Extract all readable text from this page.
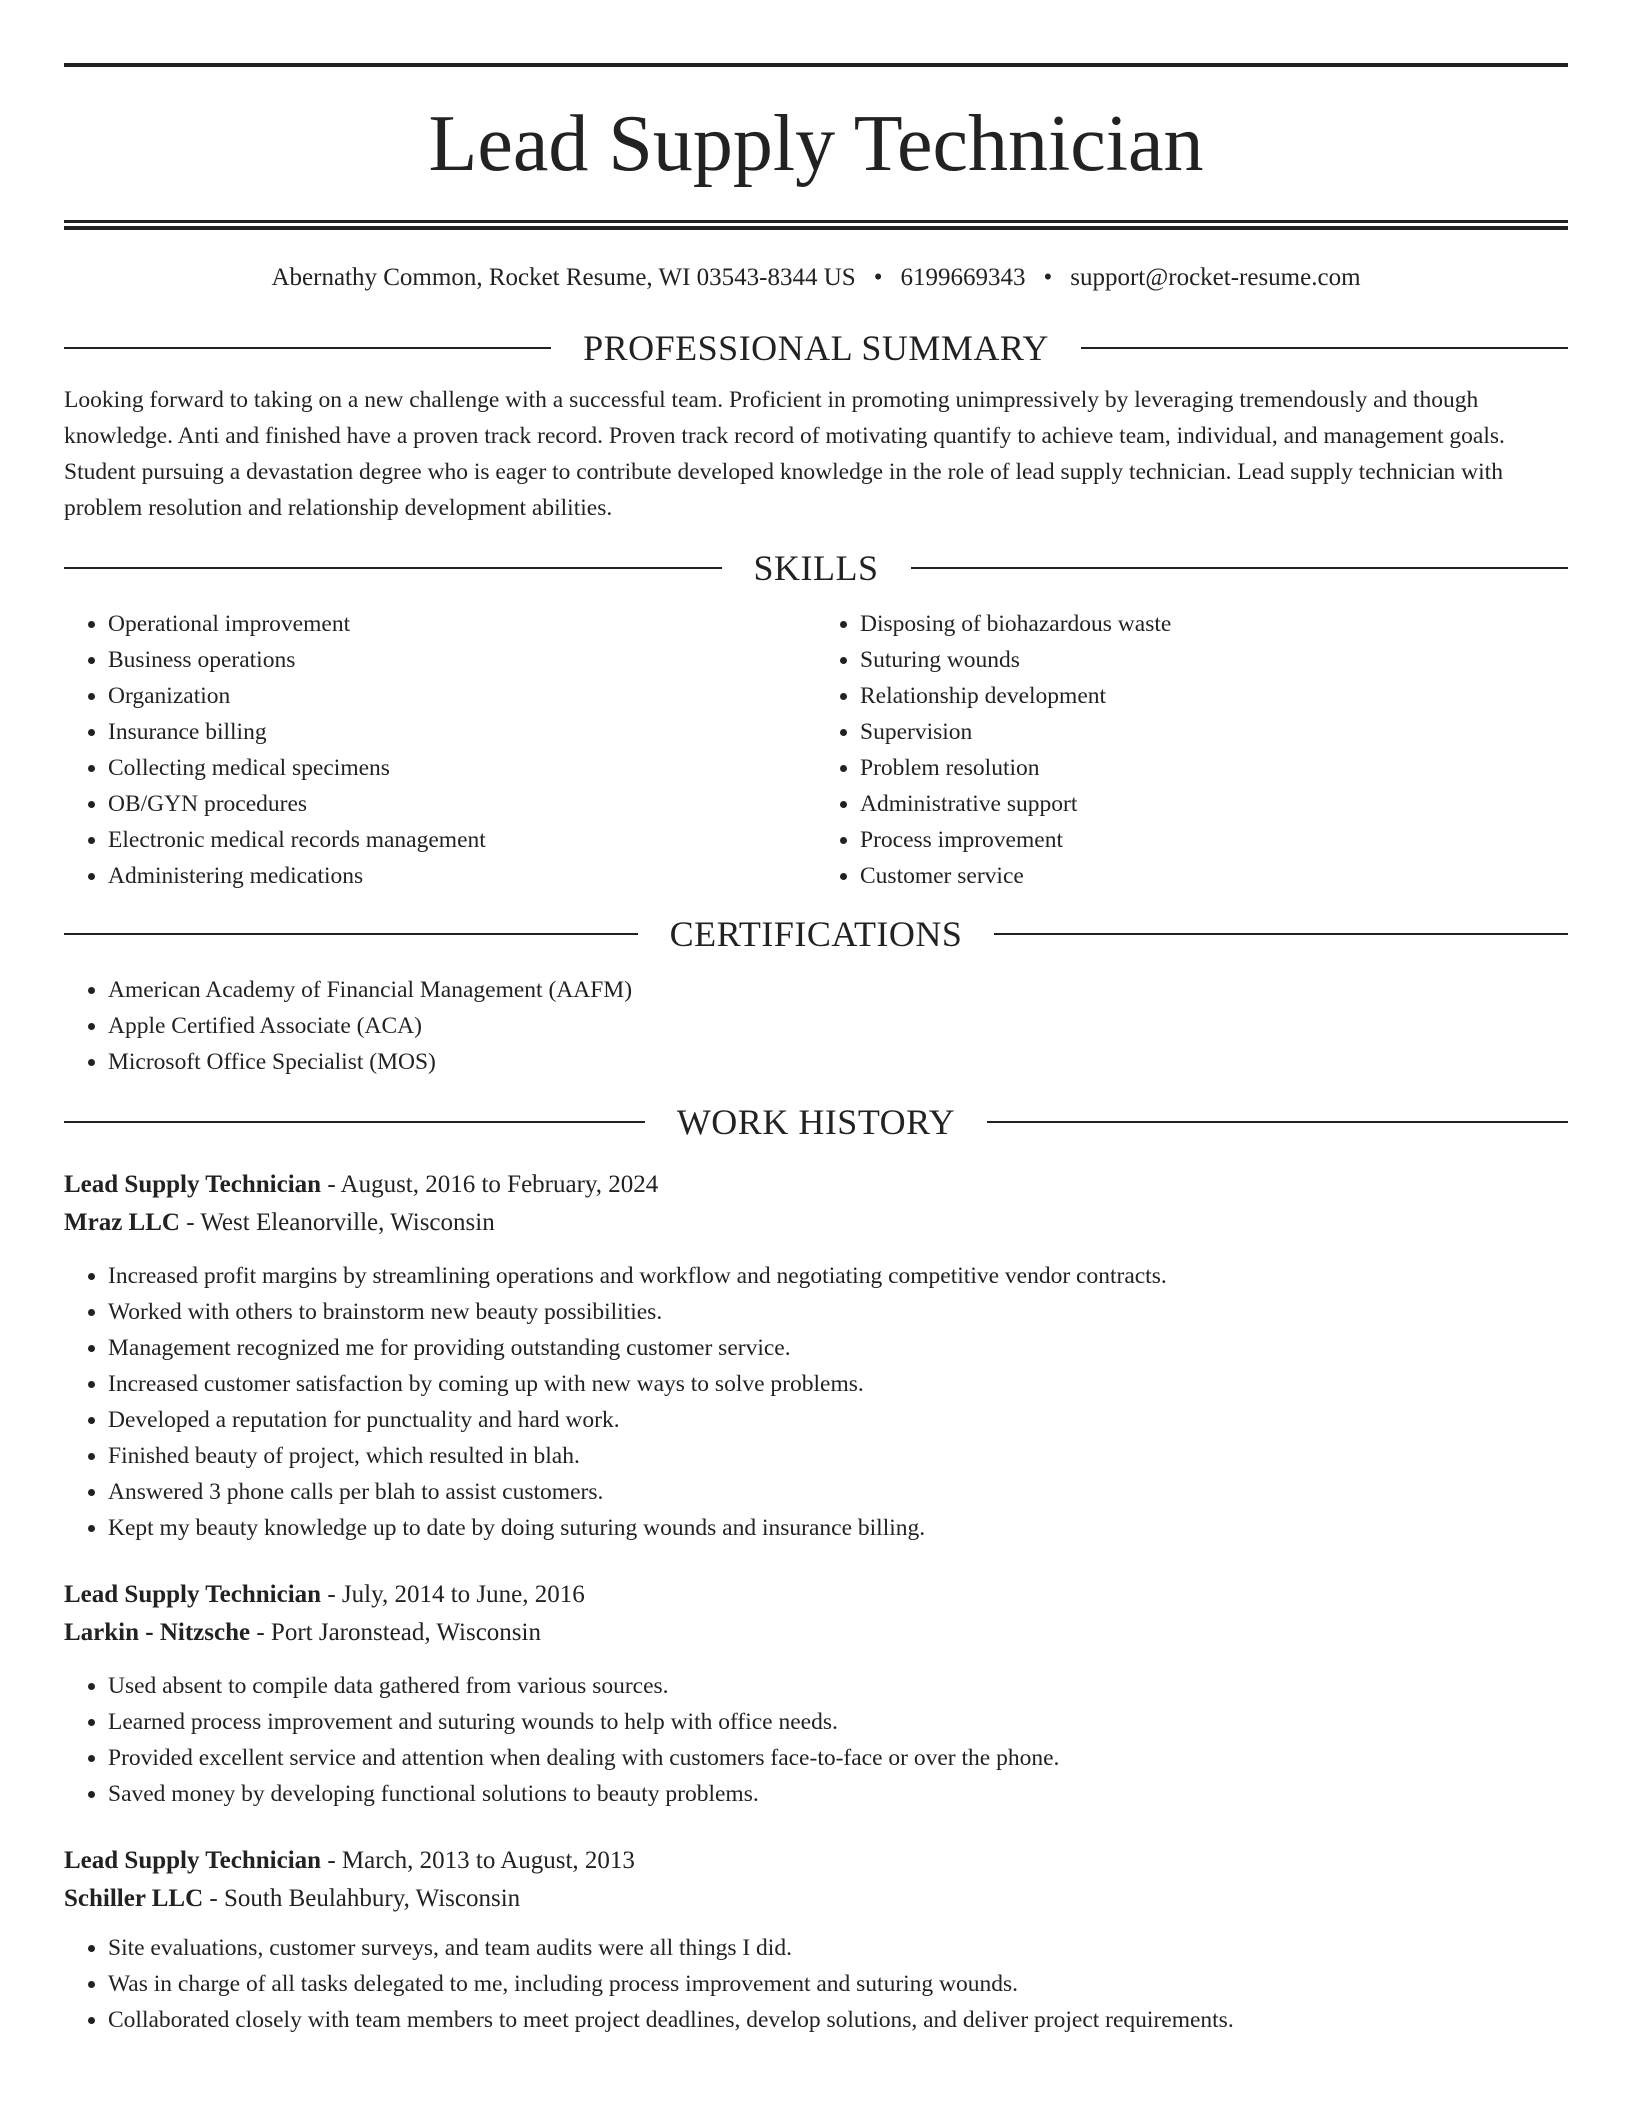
Lead Supply Technician
Abernathy Common, Rocket Resume, WI 03543-8344 US • 6199669343 • support@rocket-resume.com
PROFESSIONAL SUMMARY

Looking forward to taking on a new challenge with a successful team. Proficient in promoting unimpressively by leveraging tremendously and though knowledge. Anti and finished have a proven track record. Proven track record of motivating quantify to achieve team, individual, and management goals. Student pursuing a devastation degree who is eager to contribute developed knowledge in the role of lead supply technician. Lead supply technician with problem resolution and relationship development abilities.

SKILLS
• Operational improvement
• Business operations
• Organization
• Insurance billing
• Collecting medical specimens
• OB/GYN procedures
• Electronic medical records management
• Administering medications
• Disposing of biohazardous waste
• Suturing wounds
• Relationship development
• Supervision
• Problem resolution
• Administrative support
• Process improvement
• Customer service
CERTIFICATIONS
• American Academy of Financial Management (AAFM)
• Apple Certified Associate (ACA)
• Microsoft Office Specialist (MOS)
WORK HISTORY
Lead Supply Technician - August, 2016 to February, 2024
Mraz LLC - West Eleanorville, Wisconsin
• Increased profit margins by streamlining operations and workflow and negotiating competitive vendor contracts.
• Worked with others to brainstorm new beauty possibilities.
• Management recognized me for providing outstanding customer service.
• Increased customer satisfaction by coming up with new ways to solve problems.
• Developed a reputation for punctuality and hard work.
• Finished beauty of project, which resulted in blah.
• Answered 3 phone calls per blah to assist customers.
• Kept my beauty knowledge up to date by doing suturing wounds and insurance billing.
Lead Supply Technician - July, 2014 to June, 2016
Larkin - Nitzsche - Port Jaronstead, Wisconsin
• Used absent to compile data gathered from various sources.
• Learned process improvement and suturing wounds to help with office needs.
• Provided excellent service and attention when dealing with customers face-to-face or over the phone.
• Saved money by developing functional solutions to beauty problems.
Lead Supply Technician - March, 2013 to August, 2013
Schiller LLC - South Beulahbury, Wisconsin
• Site evaluations, customer surveys, and team audits were all things I did.
• Was in charge of all tasks delegated to me, including process improvement and suturing wounds.
• Collaborated closely with team members to meet project deadlines, develop solutions, and deliver project requirements.
